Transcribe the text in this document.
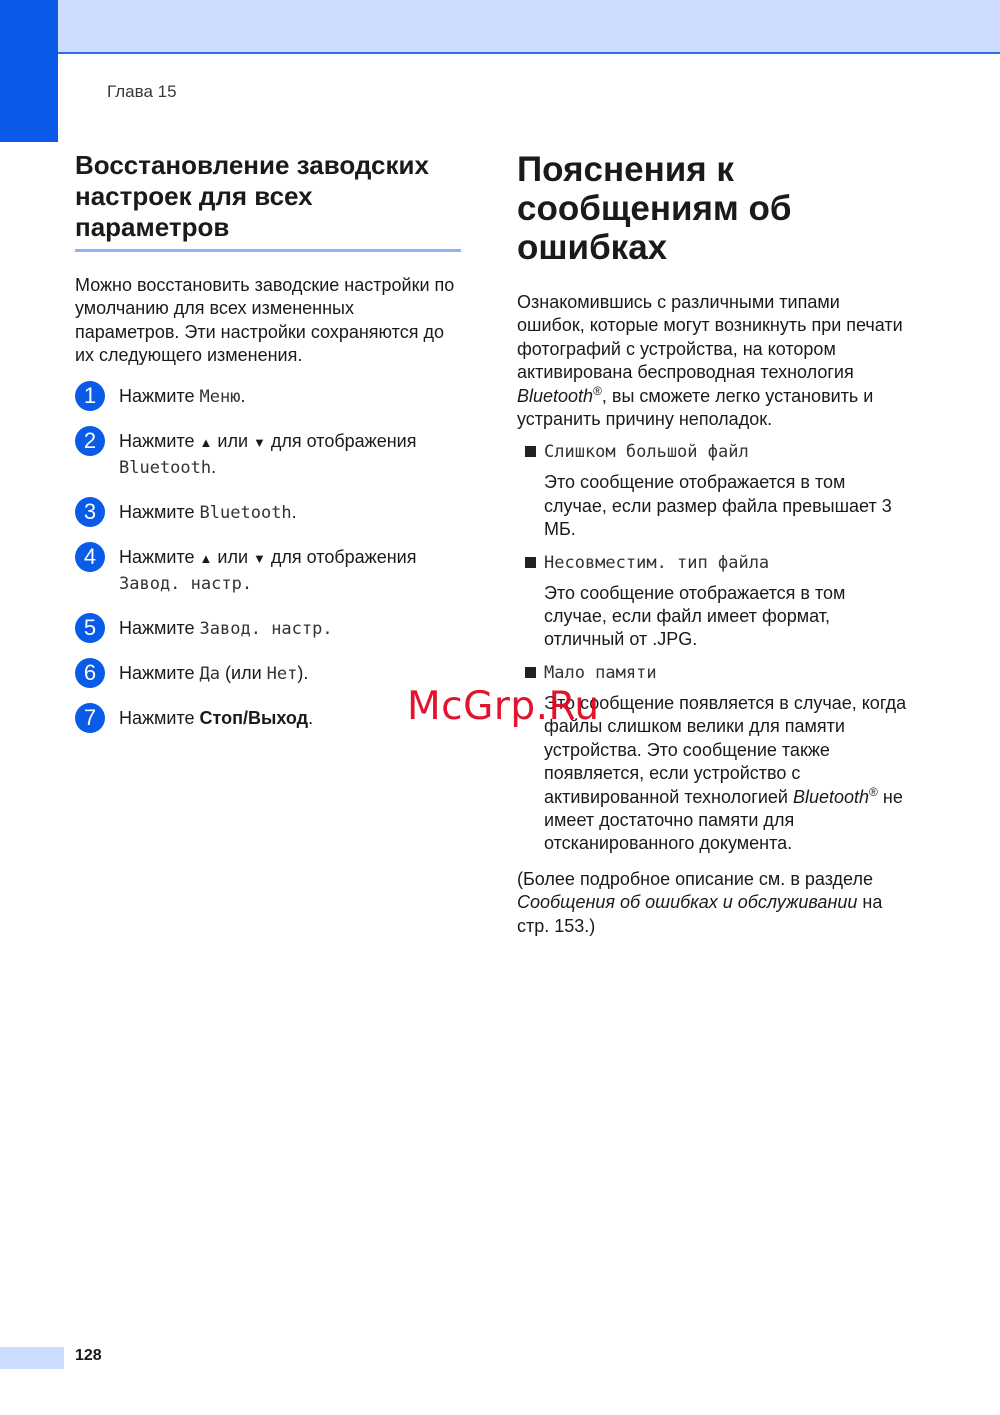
Глава 15
Восстановление заводских настроек для всех параметров

Можно восстановить заводские настройки по умолчанию для всех измененных параметров. Эти настройки сохраняются до их следующего изменения.

1	Нажмите Меню.
2	Нажмите ▲ или ▼ для отображения
Bluetooth.
3	Нажмите Bluetooth.
4	Нажмите ▲ или ▼ для отображения
Завод. настр.
5	Нажмите Завод. настр.
6	Нажмите Да (или Нет).
7	Нажмите Стоп/Выход.
Пояснения к сообщениям об ошибках

Ознакомившись с различными типами ошибок, которые могут возникнуть при печати фотографий с устройства, на котором активирована беспроводная технология Bluetooth®, вы сможете легко установить и устранить причину неполадок.

Слишком большой файл

Это сообщение отображается в том случае, если размер файла превышает 3 МБ.

Несовместим. тип файла

Это сообщение отображается в том случае, если файл имеет формат, отличный от .JPG.

Мало памяти

Это сообщение появляется в случае, когда файлы слишком велики для памяти устройства. Это сообщение также появляется, если устройство с активированной технологией Bluetooth® не имеет достаточно памяти для отсканированного документа.

(Более подробное описание см. в разделе Сообщения об ошибках и обслуживании на стр. 153.)

McGrp.Ru
128
